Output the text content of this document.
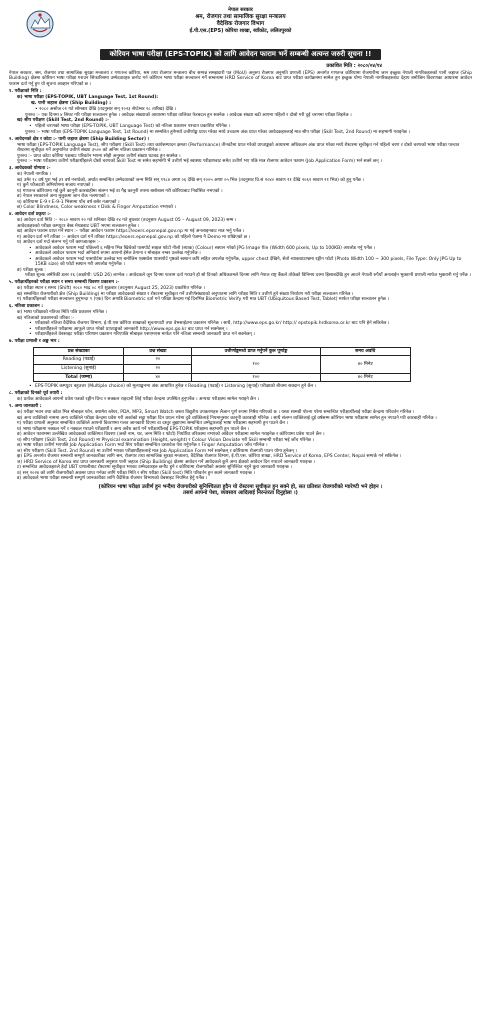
नेपाल सरकार
श्रम, रोजगार तथा सामाजिक सुरक्षा मन्त्रालय
वैदेशिक रोजगार विभाग
ई.पी.एस.(EPS) कोरिया शाखा, ब्वाँकोट, ललितपुरको
कोरियन भाषा परीक्षा (EPS-TOPIK) को लागि आवेदन फाराम भर्ने सम्बन्धी अत्यन्त जरुरी सूचना !!
प्रकाशित मिति : २०८०/०४/१४

नेपाल सरकार, श्रम, रोजगार तथा सामाजिक सुरक्षा मन्त्रालय र गणतन्त्र कोरिया, श्रम तथा रोजगार मन्त्रालय बीच सम्पन्न समझदारी पत्र (MoU) अनुरुप रोजगार अनुमति प्रणाली (EPS) अन्तर्गत गणतन्त्र कोरियामा रोजगारीमा जान इच्छुक नेपाली नागरिकहरुको पानी जहाज (Ship Building) क्षेत्रमा कोरियन भाषा परीक्षा गराउन सिफारिसमा उम्मेदवारहरु छनोट गर्न कोरियन भाषा परीक्षा सञ्चालन गर्ने सम्बन्धमा HRD Service of Korea बाट प्राप्त परीक्षा कार्यक्रममा सामेल हुन इच्छुक योग्य नेपाली नागरिकहरुबाट देहाय बमोजिम विवरणका आधारमा आवेदन फाराम दर्ता गर्नु हुन यो सूचना आव्हान गरिएको छ ।

१. परीक्षाको निति :
क) भाषा परीक्षा (EPS-TOPIK, UBT Language Test, 1st Round):
ख. पानी जहाज क्षेत्रमा (Ship Building) :
• २०८० असोज ०१ गते सोमबार देखि (तदनुसार सन् २०२३ सेप्टेम्बर १८ तारिख) देखि ।
पुनश्च :– एक दिनमा ४ सिफ्ट गरि परीक्षा सञ्चालन हुनेछ । आवेदक संख्याको आधारमा परीक्षा तालिका फेरबदल हुन सक्नेछ । आवेदक संख्या बढी आएमा पहिलो र दोस्रो गरी दुई चरणमा परीक्षा लिइनेछ ।
ख) सीप परीक्षण (Skill Test, 2nd Round) :-
• पहिलो चरणको भाषा परीक्षा (EPS-TOPIK, UBT Language Test) को नतिजा प्रकाशन पश्चात प्रकाशित गरिनेछ ।
पुनश्च :– भाषा परीक्षा (EPS-TOPIK Language Test, 1st Round) मा सम्मलित हुनेमध्ये उत्तीर्णाङ्क प्राप्त गरेका मध्ये उच्चतम अंक प्राप्त गरेका आवेदकहरुलाई मात्र सीप परीक्षा (Skill Test, 2nd Round) मा सहभागी गराइनेछ ।
२. आवेदनको क्षेत्र र कोटा :- पानी जहाज क्षेत्रमा (Ship Building Sector) ।
भाषा परीक्षा (EPS-TOPIK Language Test), सीप परीक्षण (Skill Test) तथा कार्यसम्पादन क्षमता (Performance) तीनवटैमा प्राप्त गरेको प्राप्ताङ्कको आधारमा अधिकतम अंक प्राप्त गरेका मध्ये रोस्टरमा सूचीकृत गर्न पहिलो चरण र दोस्रो चरणको भाषा परीक्षा पश्चात रोस्टरमा सूचीकृत गर्ने अनुमानित उत्तीर्ण संख्या ३५०० को अनिम नतिजा प्रकाशन गरिनेछ ।
पुनश्च :– प्राप्त कोटा कोरिया पक्षबाट परिवर्तन भएमा सोही अनुसार उत्तीर्ण संख्या घटबढ हुन सक्नेछ ।
पुनश्च :– भाषा परीक्षामा उत्तीर्ण परीक्षार्थीहरुले दोस्रो चरणको Skill Test मा समेत सहभागी भै उत्तीर्ण भई स्वास्थ्य परीक्षणबाट समेत उत्तीर्ण भए पछि मात्र रोजगार आवेदन फाराम (Job Application Form) भर्न सक्ने छन् ।
३. आवेदकको योग्यता :-
क) नेपाली नागरिक ।
ख) उमेर १८ वर्ष पुरा भई ३९ वर्ष ननाघेको, अर्थात सम्बन्धित उम्मेदवारको जन्म मिति सन् १९८४ अगष्ट ०६ देखि सन् २००५ अगष्ट ०५ भित्र (तदनुसार वि.सं २०४० श्रावण २१ देखि २०६२ श्रावण २१ भित्र) को हुनु पर्नेछ ।
ग) कुनै फौजदारी अभियोगमा सजाय नपाएको ।
घ) गणतन्त्र कोरियामा गई कुनै कानूनी कारबाहीमा संलग्न भई वा गैह्र कानूनी रुपमा बसोबास गरी कोरियाबाट निर्वासित नभएको ।
ङ) नेपाल सरकारले अन्य मुलुकमा जान रोक नलगाएको ।
च) कोरियामा E-9 र E-9-1 भिसामा पाँच वर्ष बसेर नआएको ।
छ) Color Blindness, Color weakness र Disk & Finger Amputation नभएको ।
४. आवेदन दर्ता प्रकृया :-
क) आवेदन दर्ता मिति :– २०८० श्रावण २० गते शनिबार देखि २४ गते बुधबार (तदनुसार August 05 – August 09, 2023) सम्म ।
आवेदकहरुको परीक्षा कम्प्युटर बेस्ड मेथडबाट UBT भएमा सञ्चालन हुनेछ ।
ख) आवेदन फाराम प्राप्त गर्ने स्थान :– परीक्षा आवेदन फाराम https://eoers.epsnepal.gov.np मा गई अनलाइनबाट मात्र भर्नु पर्नेछ ।
ग) आवेदन दर्ता गर्ने तरिका :– आवेदन दर्ता गर्ने तरिका https://eoers.epsnepal.gov.np को पहिलो पेजमा नै Demo मा राखिएको छ ।
घ) आवेदन दर्ता गर्दा संलग्न गर्नु पर्ने कागजातहरू :-
• आवेदकले आवेदन फाराम भर्दा पछिल्लो ६ महिना भित्र खिचेको पासपोर्ट साइज फोटो नीलो (ब्याक) (Colour) स्क्यान गरेको JPG Image file (Width 600 pixels, Up to 100KB) अपलोड गर्नु पर्नेछ ।
• आवेदकले आवेदन फाराम भर्दा अनिवार्य रुपमा आफ्नो ईमेल ठेगाना र मोबाइल नम्बर उल्लेख गर्नुपर्नेछ ।
• आवेदकले आवेदन फाराम भर्दा पासपोर्टमा उल्लेख भए बमोजिम एक्सप्रेस प्यासपोर्ट पृष्ठको स्क्यान कपि सहित अपलोड गर्नुपर्नेछ, upper chest देखिने, सेतो ब्याकग्राउण्डमा रङ्गीन फोटो (Photo Width 100 ~ 300 pixels, File Type: Only JPG Up to 15KB size) को फोटो स्क्यान गरी अपलोड गर्नुपर्नेछ ।
ङ) परीक्षा शुल्क :
परीक्षा शुल्क अमेरिकी डलर २६ (अक्षरेपी: USD 26) लाग्नेछ । आवेदकले जुन दिनमा फाराम दर्ता गराउने हो सो दिनको अधिकतमले दिनमा लागि नेपाल राष्ट्र बैंकले तोकेको विनिमय दरमा हिसाबदेखि हुन आउने नेपाली रुपैयाँ अनलाईन भुक्तानी प्रणाली मार्फत भुक्तानी गर्नु पर्नेछ ।
५. परीक्षार्थीहरुको परीक्षा स्थान र समय सम्बन्धी विवरण प्रकाशन :-
क) परीक्षा स्थान र समय (Shift) २०८० भाद्र ०८ गते शुक्रबार (तदनुसार August 25, 2023) प्रकाशित गरिनेछ ।
ख) सम्बन्धित रोजगारीको क्षेत्र (Ship Building) मा परीक्षा आवेदकको संख्या र रोस्टरमा सूचीकृत गर्ने उत्तीर्णसंख्याको अनुपातमा लागि परीक्षा मिति र उत्तीर्ण हुने संख्या निर्धारण गरी परीक्षा सञ्चालन गरिनेछ ।
ग) परीक्षार्थीहरुको परीक्षा सञ्चालन हुनुभन्दा १ (एक) दिन अगाडि Biometric दर्ता गर्न परिक्षा केन्द्रमा गई दिनभित्र Biometric Verify गरी मात्र UBT (Ubiquitous Based Test, Tablet) मार्फत परीक्षा सञ्चालन हुनेछ ।
६. नतिजा प्रकाशन :
क) भाषा परीक्षाको नतिजा मिति पछि प्रकाशन गरिनेछ ।
ख) नतिजाको प्रकाशनको तरिका :-
• परीक्षाको नतिजा वैदेशिक रोजगार विभाग, ई.पी.एस कोरिया शाखाको सूचनापाटी तथा वेभसाईटमा प्रकाशन गरिनेछ । साथै, http://www.eps.go.kr/ http:// epstopik.hrdkorea.or.kr बाट पनि हेर्न सकिनेछ ।
• परीक्षार्थीहरुले परीक्षामा आफूले प्राप्त गरेको प्राप्ताङ्कको जानकारी http://www.eps.go.kr बाट प्राप्त गर्न सक्नेछन् ।
• परीक्षार्थीहरुले वेबसाइट परीक्षा परिणाम प्रकाशन गरिएपछि मोबाइल एसएमएस मार्फत पनि नतिजा सम्बन्धी जानकारी प्राप्त गर्न सक्नेछन् ।
७. परीक्षा प्रणाली र अङ्क भार :
प्रश्न संख्याका	प्रश्न संख्या	उत्तीर्णाङ्कमध्ये प्राप्त गर्नुपर्ने कुल पूर्णाङ्क	समय अवधि
Reading (पढाई)	२०	१००	४० मिनेट
Listening (सुनाई)	२०		
Total (जम्मा)	४०	१००	४० मिनेट
• EPS-TOPIK कम्प्युटर बहुउत्तर (Multiple choice) को मूल्याङ्कनमा अंक आधारित हुनेछ र Reading (पढाई) र Listening (सुनाई) परीक्षाको बीचमा सक्दान हुने छैन ।
८. परीक्षाको दिनको पूर्व तयारी :
क) प्रत्येक आवेदकले आफ्नो प्रवेश पत्रको रङ्गीन प्रिन्ट र सक्कल राहदानी लिई परीक्षा केन्द्रमा उपस्थित हुनुपर्नेछ । अन्यथा परीक्षामा सामेल गराइने छैन ।
९. अन्य जानकारी :
क) परीक्षा भवन तथा कोठा भित्र मोबाइल फोन, क्यामेरा ब्लेयर, PDA, MP3, Smart Watch जस्ता विद्युतीय उपकरणहरु लैजान पूर्ण रुपमा निषेध गरिएको छ । यस्ता सामग्री पोल्ना परेमा सम्बन्धित परीक्षार्थीलाई परीक्षा केन्द्रमा परिवर्तन गरिनेछ ।
ख) अन्य व्यक्तिको नाममा अन्य व्यक्तिले परीक्षा केन्द्रमा प्रवेश गरी अर्काको सट्टा परीक्षा दिन प्रयत्न गरेमा दुवै व्यक्तिलाई नियमानुसार कानूनी कारबाही गरिनेछ । साथै संलग्न व्यक्तिलाई दुई वर्षसम्म कोरियन भाषा परीक्षामा सामेल हुन नपाउने गरी कारबाही गरिनेछ ।
ग) परीक्षा प्रणाली अनुसार सम्बन्धित व्यक्तिले आफ्नो विवरणमा गलत जानकारी दिएमा वा दस्तुर बुझाएमा सम्बन्धित उम्मेद्वारलाई भाषा परीक्षामा सहभागी हुन पाउने छैन ।
घ) भाषा परीक्षामा नक्कल गर्ने र नक्कल गराउने परीक्षार्थी र अन्य अवैध कार्य गर्ने परीक्षार्थीलाई EPS-TOPIK परीक्षामा सहभागी हुन पाउने छैन ।
ङ) आवेदन फाराममा उल्लेखित आवेदकको व्यक्तिगत विवरण (जस्तै नाम, थर, जन्म मिति र फोटो) निर्धारित तरिकामा नभएको आवेदन परीक्षामा सामेल गराइनेछ र कोरियामा प्रवेश पाउने छैन ।
च) सीप परीक्षण (Skill Test, 2nd Round) मा Physical examination (Height, weight) र Colour Vision Deviate गरी Skill सम्बन्धी परीक्षा भई जाँच गरिनेछ ।
छ) भाषा परीक्षा उत्तीर्ण भएपछि Job Application Form भर्दा सिप परीक्षा सम्बन्धित दस्तावेज पेश गर्नुपर्नेछ र Finger Amputation जाँच गरिनेछ ।
ज) सीप परीक्षण (Skill Test, 2nd Round) मा उत्तीर्ण भएका परीक्षार्थीहरुलाई मात्र Job Application Form भर्न सक्नेछन् र कोरियामा रोजगारी पाउन योग्य हुनेछन् ।
झ) EPS अन्तर्गत रोजगार सम्बन्धी सम्पूर्ण जानकारीका लागि श्रम, रोजगार तथा सामाजिक सुरक्षा मन्त्रालय, वैदेशिक रोजगार विभाग, ई.पी.एस. कोरिया शाखा, HRD Service of Korea, EPS Center, Nepal सम्पर्क गर्न सकिनेछ ।
ञ) HRD Service of Korea बाट प्राप्त जानकारी अनुसार पानी जहाज (Ship Building) क्षेत्रमा आवेदन गर्ने आवेदकले कुनै अन्य क्षेत्रको आवेदन दिन नपाउने जानकारी गराइन्छ ।
ट) सम्बन्धित आवेदकहरुले हेर्दा UBT प्रणालीबाट रोस्टरमा सूचीकृत भएका उम्मेदवारहरु छनौट हुने र कोरियामा रोजगारीको अवसर सुनिश्चित नहुने कुरा जानकारी गराइन्छ ।
ठ) सन् २०२४ को लागि रोजगारीको अवसर प्राप्त गर्नका लागि परीक्षा मिति र सीप परीक्षा (Skill test) मिति परिवर्तन हुन सक्ने जानकारी गराइन्छ ।
ड) आवेदकले भाषा परीक्षा सम्बन्धी सम्पूर्ण जानकारीका लागि वैदेशिक रोजगार विभागको वेबसाइट नियमित हेर्नु पर्नेछ ।
(कोरियन भाषा परीक्षा उत्तीर्ण हुन भन्दैमा रोजगारीको सुनिश्चितता हुदैन यो रोस्टरमा सूचीकृत हुन सक्ने हो, सत प्रतिशत रोजगारीको ग्यारेण्टी भने होइन ।
तसर्थ आफ्नो पेशा, व्यवसाय आदिलाई निरन्तरता दिनुहोला ।)
